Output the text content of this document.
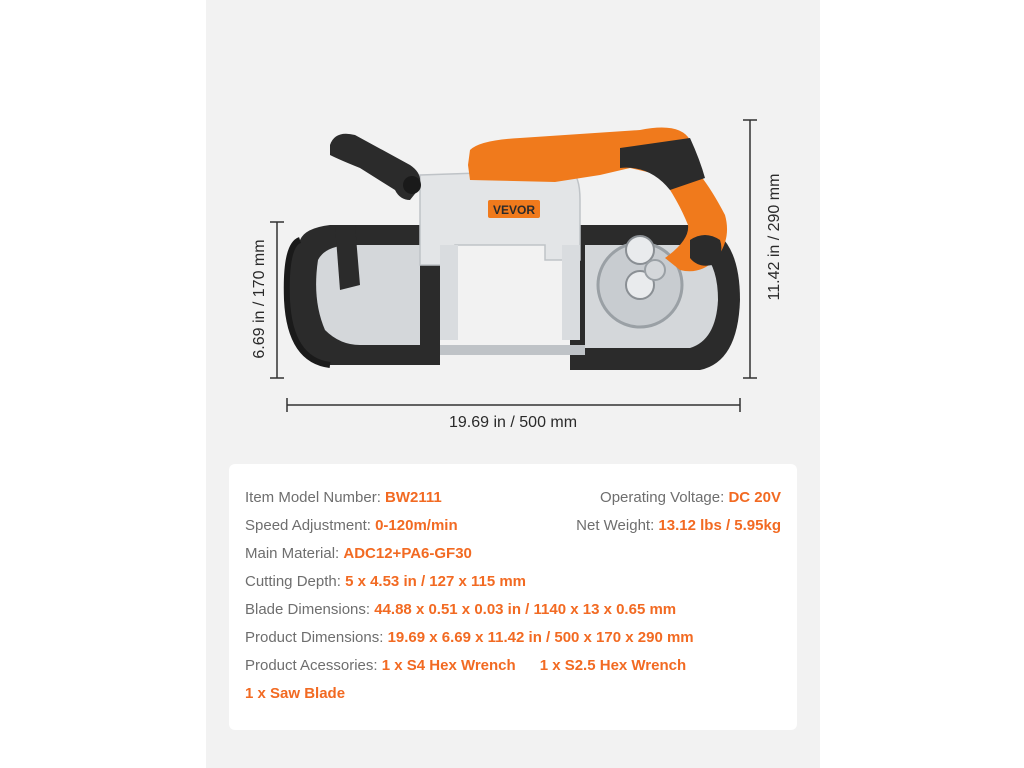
VEVOR
6.69 in / 170 mm	11.42 in / 290 mm
19.69 in / 500 mm
Item Model Number: BW2111	Operating Voltage: DC 20V
Speed Adjustment: 0-120m/min	Net Weight: 13.12 lbs / 5.95kg
Main Material: ADC12+PA6-GF30
Cutting Depth: 5 x 4.53 in / 127 x 115 mm
Blade Dimensions: 44.88 x 0.51 x 0.03 in / 1140 x 13 x 0.65 mm
Product Dimensions: 19.69 x 6.69 x 11.42 in / 500 x 170 x 290 mm
Product Acessories: 1 x S4 Hex Wrench 1 x S2.5 Hex Wrench
1 x Saw Blade
